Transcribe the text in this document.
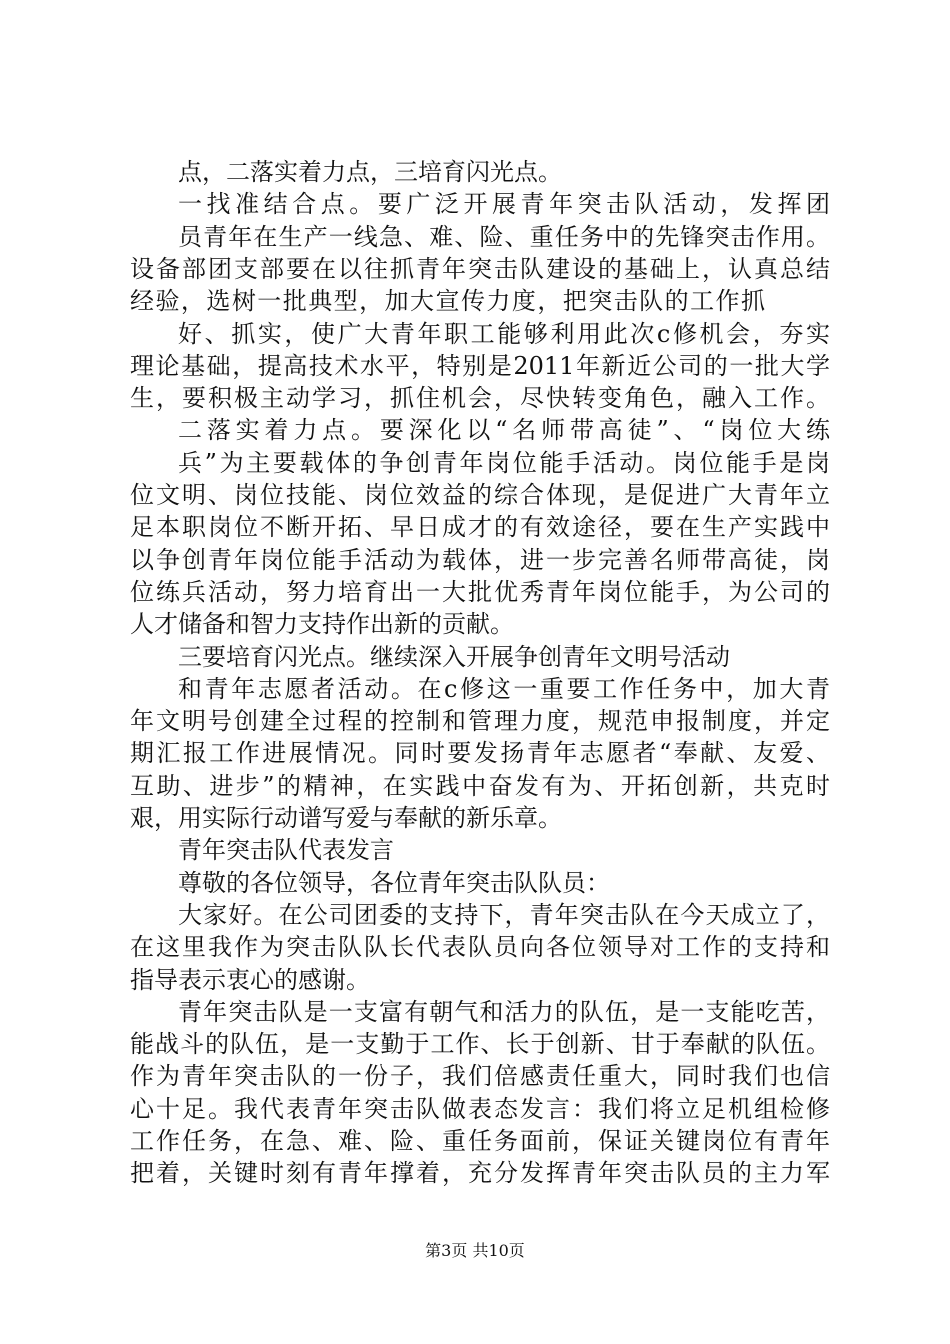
点，二落实着力点，三培育闪光点。
一找准结合点。要广泛开展青年突击队活动，发挥团
员青年在生产一线急、难、险、重任务中的先锋突击作用。
设备部团支部要在以往抓青年突击队建设的基础上，认真总结
经验，选树一批典型，加大宣传力度，把突击队的工作抓
好、抓实，使广大青年职工能够利用此次c修机会，夯实
理论基础，提高技术水平，特别是2011年新近公司的一批大学
生，要积极主动学习，抓住机会，尽快转变角色，融入工作。
二落实着力点。要深化以“名师带高徒”、“岗位大练
兵”为主要载体的争创青年岗位能手活动。岗位能手是岗
位文明、岗位技能、岗位效益的综合体现，是促进广大青年立
足本职岗位不断开拓、早日成才的有效途径，要在生产实践中
以争创青年岗位能手活动为载体，进一步完善名师带高徒，岗
位练兵活动，努力培育出一大批优秀青年岗位能手，为公司的
人才储备和智力支持作出新的贡献。
三要培育闪光点。继续深入开展争创青年文明号活动
和青年志愿者活动。在c修这一重要工作任务中，加大青
年文明号创建全过程的控制和管理力度，规范申报制度，并定
期汇报工作进展情况。同时要发扬青年志愿者“奉献、友爱、
互助、进步”的精神，在实践中奋发有为、开拓创新，共克时
艰，用实际行动谱写爱与奉献的新乐章。
青年突击队代表发言
尊敬的各位领导，各位青年突击队队员：
大家好。在公司团委的支持下，青年突击队在今天成立了，
在这里我作为突击队队长代表队员向各位领导对工作的支持和
指导表示衷心的感谢。
青年突击队是一支富有朝气和活力的队伍，是一支能吃苦，
能战斗的队伍，是一支勤于工作、长于创新、甘于奉献的队伍。
作为青年突击队的一份子，我们倍感责任重大，同时我们也信
心十足。我代表青年突击队做表态发言：我们将立足机组检修
工作任务，在急、难、险、重任务面前，保证关键岗位有青年
把着，关键时刻有青年撑着，充分发挥青年突击队员的主力军
第3页 共10页
